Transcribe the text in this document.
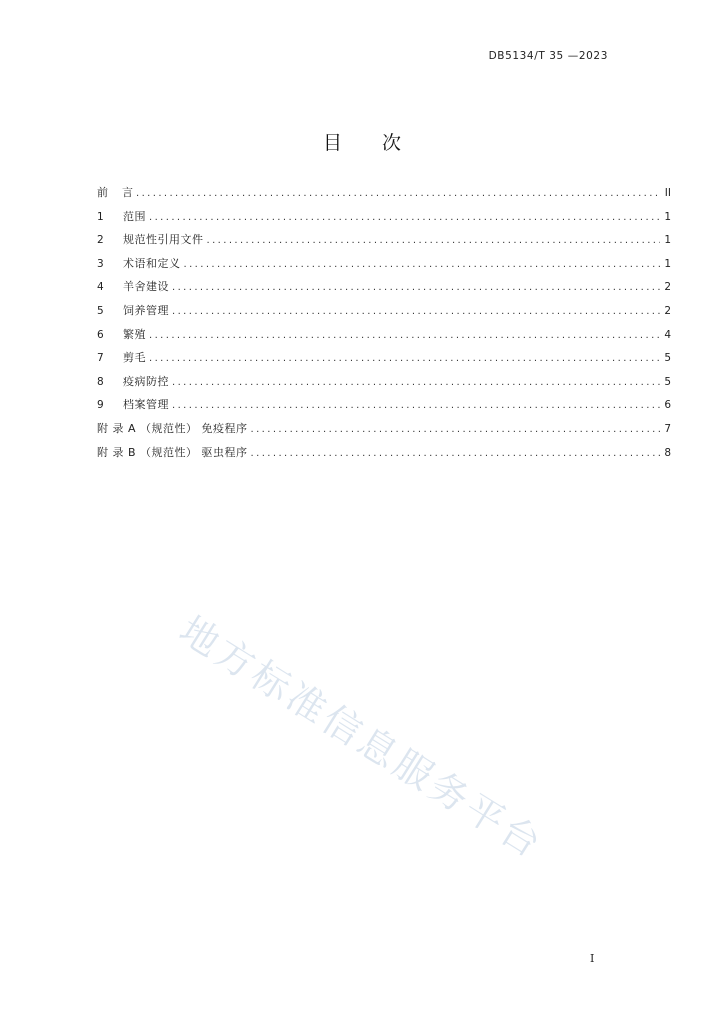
DB5134/T 35 —2023
目 次
前    言 .....	II
1	范围 .....	1
2	规范性引用文件 .....	1
3	术语和定义 .....	1
4	羊舍建设 .....	2
5	饲养管理 .....	2
6	繁殖 .....	4
7	剪毛 .....	5
8	疫病防控 .....	5
9	档案管理 .....	6
附 录 A （规范性） 免疫程序 .....	7
附 录 B （规范性） 驱虫程序 .....	8
地方标准信息服务平台
I
